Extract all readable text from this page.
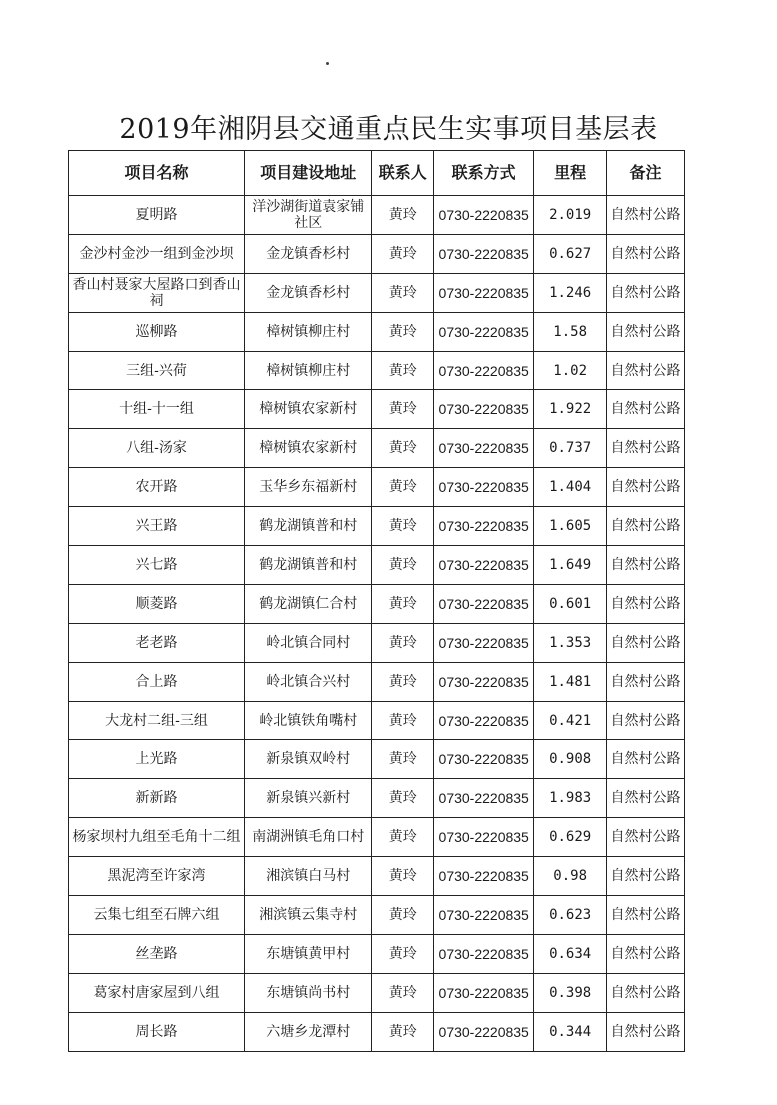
2019年湘阴县交通重点民生实事项目基层表
项目名称	项目建设地址	联系人	联系方式	里程	备注
夏明路	洋沙湖街道袁家铺社区	黄玲	0730-2220835	2.019	自然村公路
金沙村金沙一组到金沙坝	金龙镇香杉村	黄玲	0730-2220835	0.627	自然村公路
香山村聂家大屋路口到香山祠	金龙镇香杉村	黄玲	0730-2220835	1.246	自然村公路
巡柳路	樟树镇柳庄村	黄玲	0730-2220835	1.58	自然村公路
三组-兴荷	樟树镇柳庄村	黄玲	0730-2220835	1.02	自然村公路
十组-十一组	樟树镇农家新村	黄玲	0730-2220835	1.922	自然村公路
八组-汤家	樟树镇农家新村	黄玲	0730-2220835	0.737	自然村公路
农开路	玉华乡东福新村	黄玲	0730-2220835	1.404	自然村公路
兴王路	鹤龙湖镇普和村	黄玲	0730-2220835	1.605	自然村公路
兴七路	鹤龙湖镇普和村	黄玲	0730-2220835	1.649	自然村公路
顺菱路	鹤龙湖镇仁合村	黄玲	0730-2220835	0.601	自然村公路
老老路	岭北镇合同村	黄玲	0730-2220835	1.353	自然村公路
合上路	岭北镇合兴村	黄玲	0730-2220835	1.481	自然村公路
大龙村二组-三组	岭北镇铁角嘴村	黄玲	0730-2220835	0.421	自然村公路
上光路	新泉镇双岭村	黄玲	0730-2220835	0.908	自然村公路
新新路	新泉镇兴新村	黄玲	0730-2220835	1.983	自然村公路
杨家坝村九组至毛角十二组	南湖洲镇毛角口村	黄玲	0730-2220835	0.629	自然村公路
黑泥湾至许家湾	湘滨镇白马村	黄玲	0730-2220835	0.98	自然村公路
云集七组至石牌六组	湘滨镇云集寺村	黄玲	0730-2220835	0.623	自然村公路
丝垄路	东塘镇黄甲村	黄玲	0730-2220835	0.634	自然村公路
葛家村唐家屋到八组	东塘镇尚书村	黄玲	0730-2220835	0.398	自然村公路
周长路	六塘乡龙潭村	黄玲	0730-2220835	0.344	自然村公路
